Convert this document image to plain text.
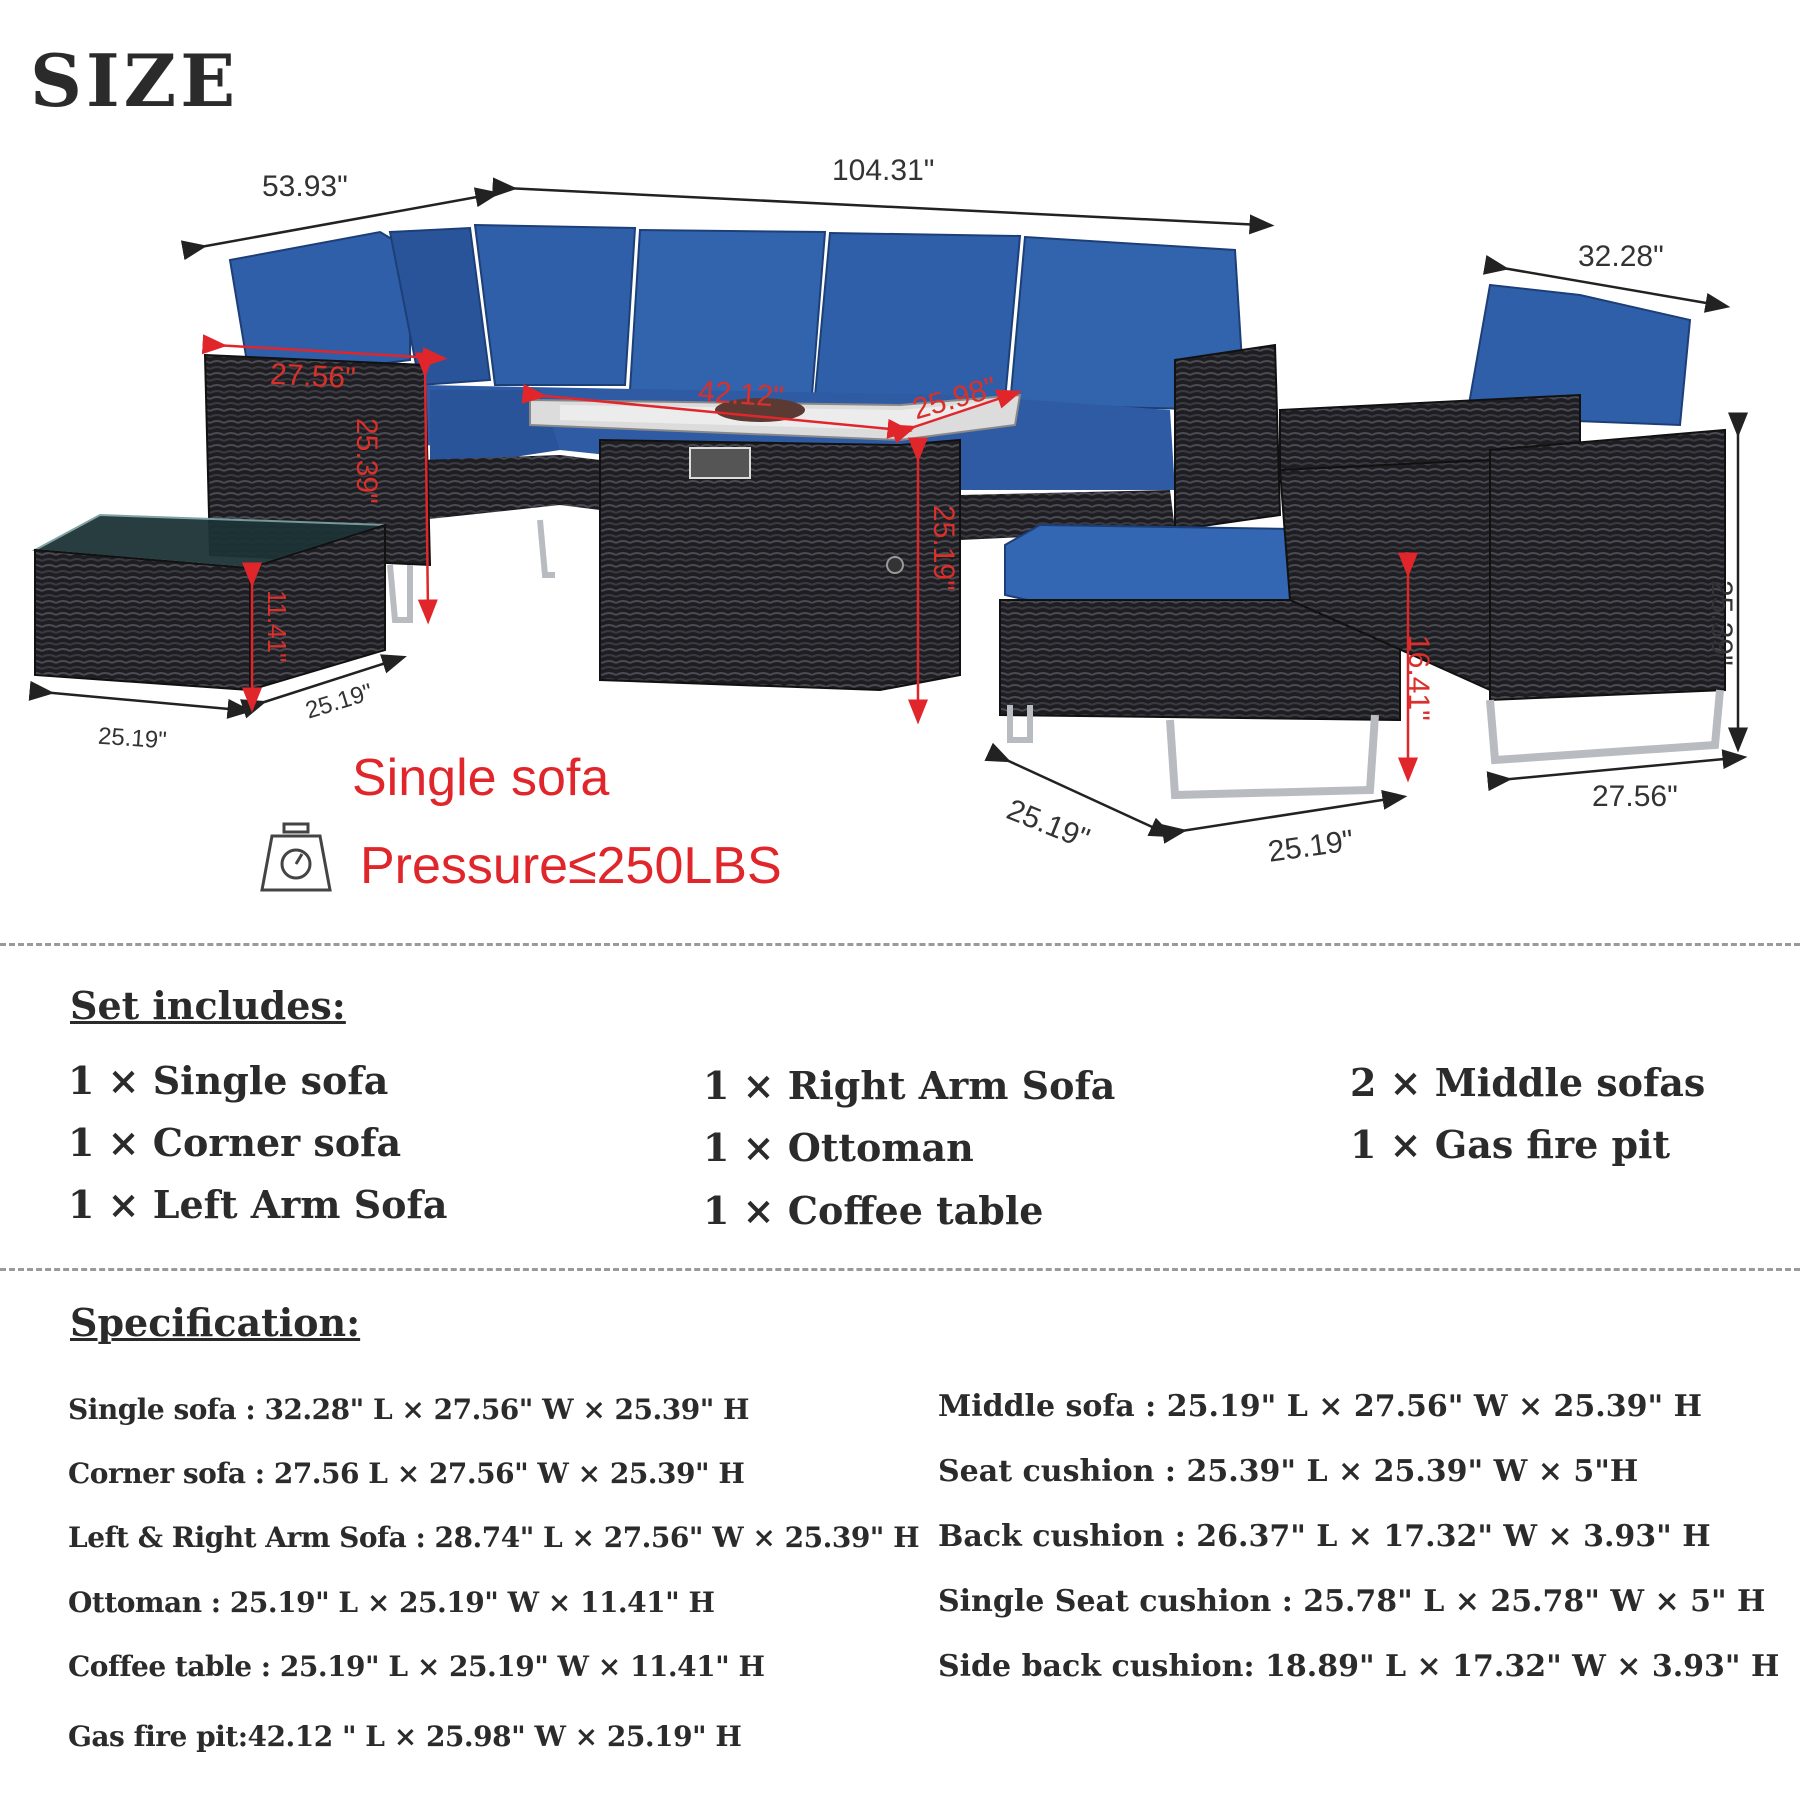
SIZE
53.93"	104.31"
32.28"
25.39"
27.56"
25.19"
25.19"
25.19"	25.19"
27.56"
25.39"
42.12"	25.98"
25.19"
11.41"
16.41"
Single sofa
Pressure≤250LBS
Set includes:
1 × Single sofa
1 × Corner sofa
1 × Left Arm Sofa
1 × Right Arm Sofa
1 × Ottoman
1 × Coffee table
2 × Middle sofas
1 × Gas fire pit
Specification:
Single sofa : 32.28" L × 27.56" W × 25.39" H
Corner sofa : 27.56 L × 27.56" W × 25.39" H
Left & Right Arm Sofa : 28.74" L × 27.56" W × 25.39" H
Ottoman : 25.19" L × 25.19" W × 11.41" H
Coffee table : 25.19" L × 25.19" W × 11.41" H
Gas fire pit:42.12 " L × 25.98" W × 25.19" H
Middle sofa : 25.19" L × 27.56" W × 25.39" H
Seat cushion : 25.39" L × 25.39" W × 5"H
Back cushion : 26.37" L × 17.32" W × 3.93" H
Single Seat cushion : 25.78" L × 25.78" W × 5" H
Side back cushion: 18.89" L × 17.32" W × 3.93" H
